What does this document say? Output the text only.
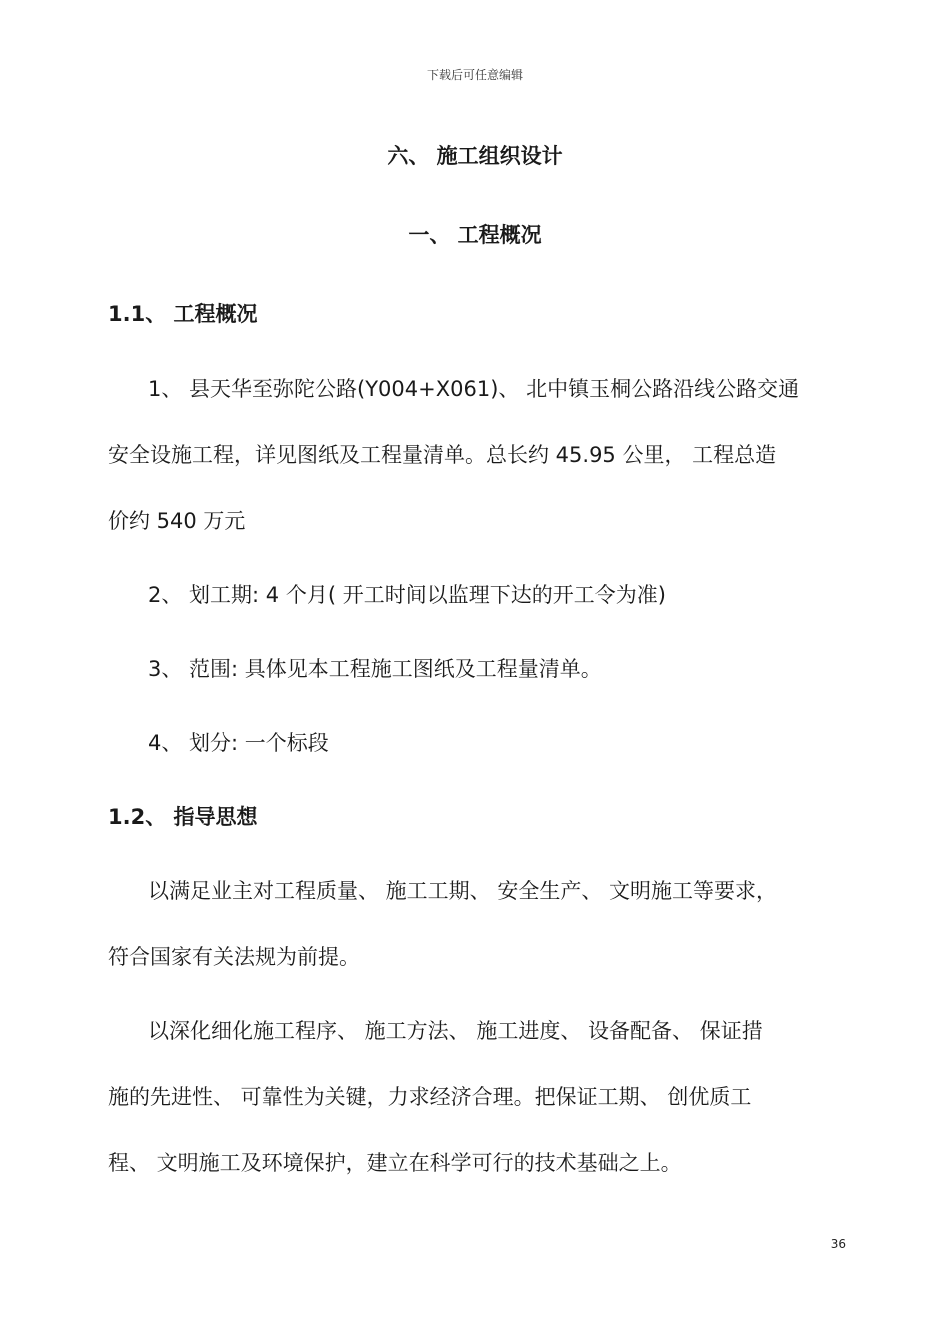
下载后可任意编辑
六、 施工组织设计
一、 工程概况
1.1、 工程概况
1、 县天华至弥陀公路(Y004+X061)、 北中镇玉桐公路沿线公路交通
安全设施工程，详见图纸及工程量清单。总长约 45.95 公里， 工程总造
价约 540 万元
2、 划工期: 4 个月( 开工时间以监理下达的开工令为准)
3、 范围: 具体见本工程施工图纸及工程量清单。
4、 划分: 一个标段
1.2、 指导思想
以满足业主对工程质量、 施工工期、 安全生产、 文明施工等要求，
符合国家有关法规为前提。
以深化细化施工程序、 施工方法、 施工进度、 设备配备、 保证措
施的先进性、 可靠性为关键，力求经济合理。把保证工期、 创优质工
程、 文明施工及环境保护，建立在科学可行的技术基础之上。
36
